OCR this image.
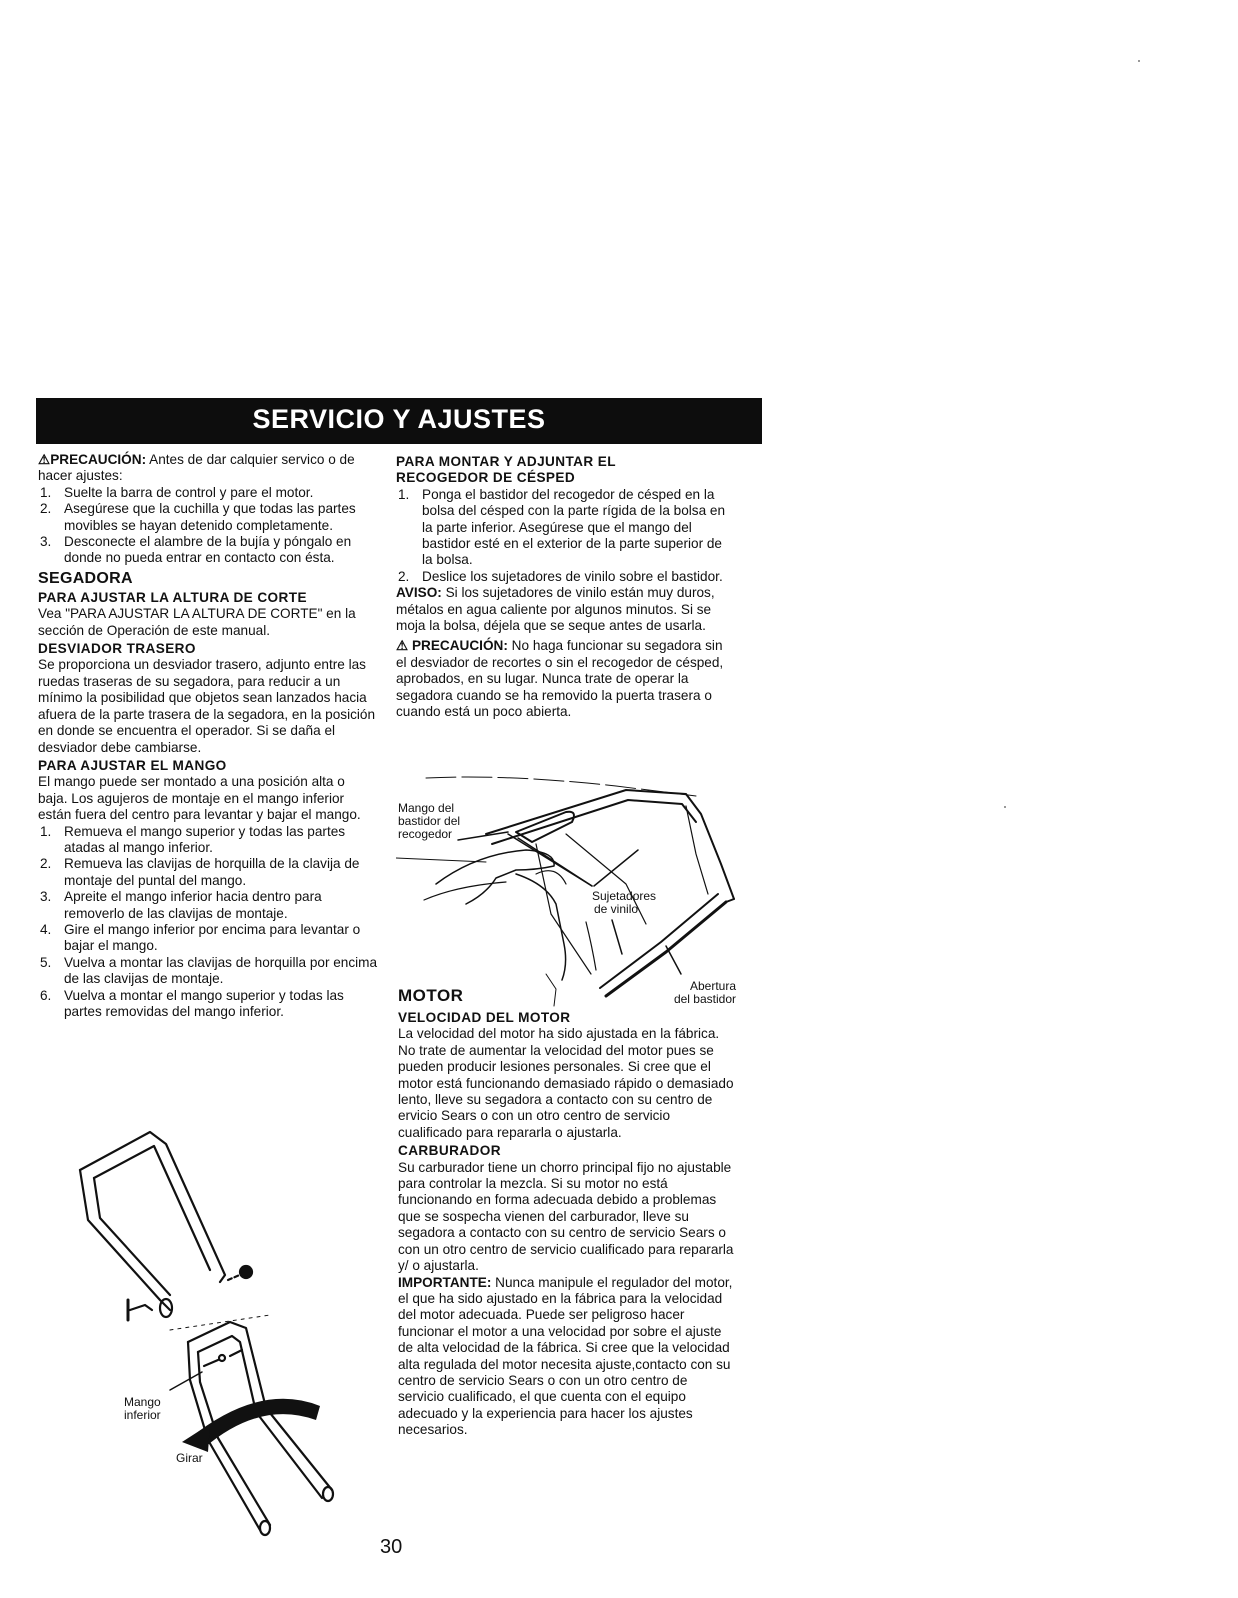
SERVICIO Y AJUSTES

⚠PRECAUCIÓN: Antes de dar calquier servico o de hacer ajustes:

1. Suelte la barra de control y pare el motor.
2. Asegúrese que la cuchilla y que todas las partes movibles se hayan detenido completamente.
3. Desconecte el alambre de la bujía y póngalo en donde no pueda entrar en contacto con ésta.

SEGADORA

PARA AJUSTAR LA ALTURA DE CORTE

Vea "PARA AJUSTAR LA ALTURA DE CORTE" en la sección de Operación de este manual.

DESVIADOR TRASERO

Se proporciona un desviador trasero, adjunto entre las ruedas traseras de su segadora, para reducir a un mínimo la posibilidad que objetos sean lanzados hacia afuera de la parte trasera de la segadora, en la posición en donde se encuentra el operador. Si se daña el desviador debe cambiarse.

PARA AJUSTAR EL MANGO

El mango puede ser montado a una posición alta o baja. Los agujeros de montaje en el mango inferior están fuera del centro para levantar y bajar el mango.

1. Remueva el mango superior y todas las partes atadas al mango inferior.
2. Remueva las clavijas de horquilla de la clavija de montaje del puntal del mango.
3. Apreite el mango inferior hacia dentro para removerlo de las clavijas de montaje.
4. Gire el mango inferior por encima para levantar o bajar el mango.
5. Vuelva a montar las clavijas de horquilla por encima de las clavijas de montaje.
6. Vuelva a montar el mango superior y todas las partes removidas del mango inferior.
Mango
inferior
Girar

PARA MONTAR Y ADJUNTAR EL

RECOGEDOR DE CÉSPED

1. Ponga el bastidor del recogedor de césped en la bolsa del césped con la parte rígida de la bolsa en la parte inferior. Asegúrese que el mango del bastidor esté en el exterior de la parte superior de la bolsa.
2. Deslice los sujetadores de vinilo sobre el bastidor.

AVISO: Si los sujetadores de vinilo están muy duros, métalos en agua caliente por algunos minutos. Si se moja la bolsa, déjela que se seque antes de usarla.

⚠ PRECAUCIÓN: No haga funcionar su segadora sin el desviador de recortes o sin el recogedor de césped, aprobados, en su lugar. Nunca trate de operar la segadora cuando se ha removido la puerta trasera o cuando está un poco abierta.

Mango del
bastidor del
recogedor
Sujetadores
de vinilo
Abertura
del bastidor
MOTOR

VELOCIDAD DEL MOTOR

La velocidad del motor ha sido ajustada en la fábrica. No trate de aumentar la velocidad del motor pues se pueden producir lesiones personales. Si cree que el motor está funcionando demasiado rápido o demasiado lento, lleve su segadora a contacto con su centro de ervicio Sears o con un otro centro de servicio cualificado para repararla o ajustarla.

CARBURADOR

Su carburador tiene un chorro principal fijo no ajustable para controlar la mezcla. Si su motor no está funcionando en forma adecuada debido a problemas que se sospecha vienen del carburador, lleve su segadora a contacto con su centro de servicio Sears o con un otro centro de servicio cualificado para repararla y/ o ajustarla.

IMPORTANTE: Nunca manipule el regulador del motor, el que ha sido ajustado en la fábrica para la velocidad del motor adecuada. Puede ser peligroso hacer funcionar el motor a una velocidad por sobre el ajuste de alta velocidad de la fábrica. Si cree que la velocidad alta regulada del motor necesita ajuste,contacto con su centro de servicio Sears o con un otro centro de servicio cualificado, el que cuenta con el equipo adecuado y la experiencia para hacer los ajustes necesarios.

30
